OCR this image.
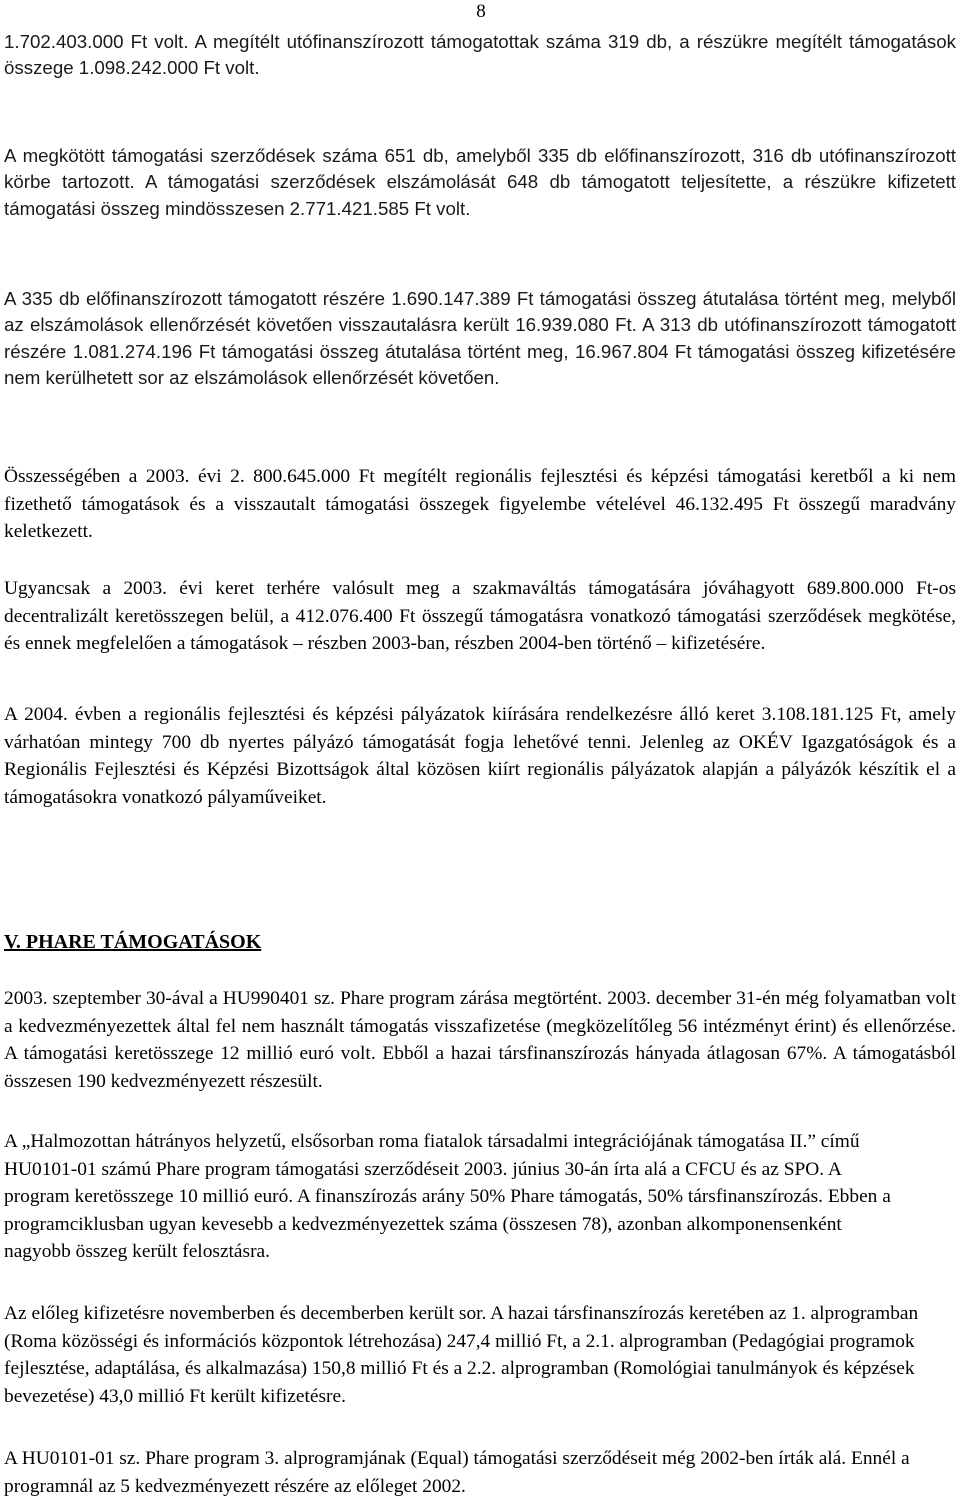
8

1.702.403.000 Ft volt. A megítélt utófinanszírozott támogatottak száma 319 db, a részükre megítélt támogatások összege 1.098.242.000 Ft volt.

A megkötött támogatási szerződések száma 651 db, amelyből 335 db előfinanszírozott, 316 db utófinanszírozott körbe tartozott. A támogatási szerződések elszámolását 648 db támogatott teljesítette, a részükre kifizetett támogatási összeg mindösszesen 2.771.421.585 Ft volt.

A 335 db előfinanszírozott támogatott részére 1.690.147.389 Ft támogatási összeg átutalása történt meg, melyből az elszámolások ellenőrzését követően visszautalásra került 16.939.080 Ft. A 313 db utófinanszírozott támogatott részére 1.081.274.196 Ft támogatási összeg átutalása történt meg, 16.967.804 Ft támogatási összeg kifizetésére nem kerülhetett sor az elszámolások ellenőrzését követően.

Összességében a 2003. évi 2. 800.645.000 Ft megítélt regionális fejlesztési és képzési támogatási keretből a ki nem fizethető támogatások és a visszautalt támogatási összegek figyelembe vételével 46.132.495 Ft összegű maradvány keletkezett.

Ugyancsak a 2003. évi keret terhére valósult meg a szakmaváltás támogatására jóváhagyott 689.800.000 Ft-os decentralizált keretösszegen belül, a 412.076.400 Ft összegű támogatásra vonatkozó támogatási szerződések megkötése, és ennek megfelelően a támogatások – részben 2003-ban, részben 2004-ben történő – kifizetésére.

A 2004. évben a regionális fejlesztési és képzési pályázatok kiírására rendelkezésre álló keret 3.108.181.125 Ft, amely várhatóan mintegy 700 db nyertes pályázó támogatását fogja lehetővé tenni. Jelenleg az OKÉV Igazgatóságok és a Regionális Fejlesztési és Képzési Bizottságok által közösen kiírt regionális pályázatok alapján a pályázók készítik el a támogatásokra vonatkozó pályaműveiket.

V. PHARE TÁMOGATÁSOK

2003. szeptember 30-ával a HU990401 sz. Phare program zárása megtörtént. 2003. december 31-én még folyamatban volt a kedvezményezettek által fel nem használt támogatás visszafizetése (megközelítőleg 56 intézményt érint) és ellenőrzése. A támogatási keretösszege 12 millió euró volt. Ebből a hazai társfinanszírozás hányada átlagosan 67%. A támogatásból összesen 190 kedvezményezett részesült.

A „Halmozottan hátrányos helyzetű, elsősorban roma fiatalok társadalmi integrációjának támogatása II.” című HU0101-01 számú Phare program támogatási szerződéseit 2003. június 30-án írta alá a CFCU és az SPO. A program keretösszege 10 millió euró. A finanszírozás arány 50% Phare támogatás, 50% társfinanszírozás. Ebben a programciklusban ugyan kevesebb a kedvezményezettek száma (összesen 78), azonban alkomponensenként nagyobb összeg került felosztásra.

Az előleg kifizetésre novemberben és decemberben került sor. A hazai társfinanszírozás keretében az 1. alprogramban (Roma közösségi és információs központok létrehozása) 247,4 millió Ft, a 2.1. alprogramban (Pedagógiai programok fejlesztése, adaptálása, és alkalmazása) 150,8 millió Ft és a 2.2. alprogramban (Romológiai tanulmányok és képzések bevezetése) 43,0 millió Ft került kifizetésre.

A HU0101-01 sz. Phare program 3. alprogramjának (Equal) támogatási szerződéseit még 2002-ben írták alá. Ennél a programnál az 5 kedvezményezett részére az előleget 2002.
